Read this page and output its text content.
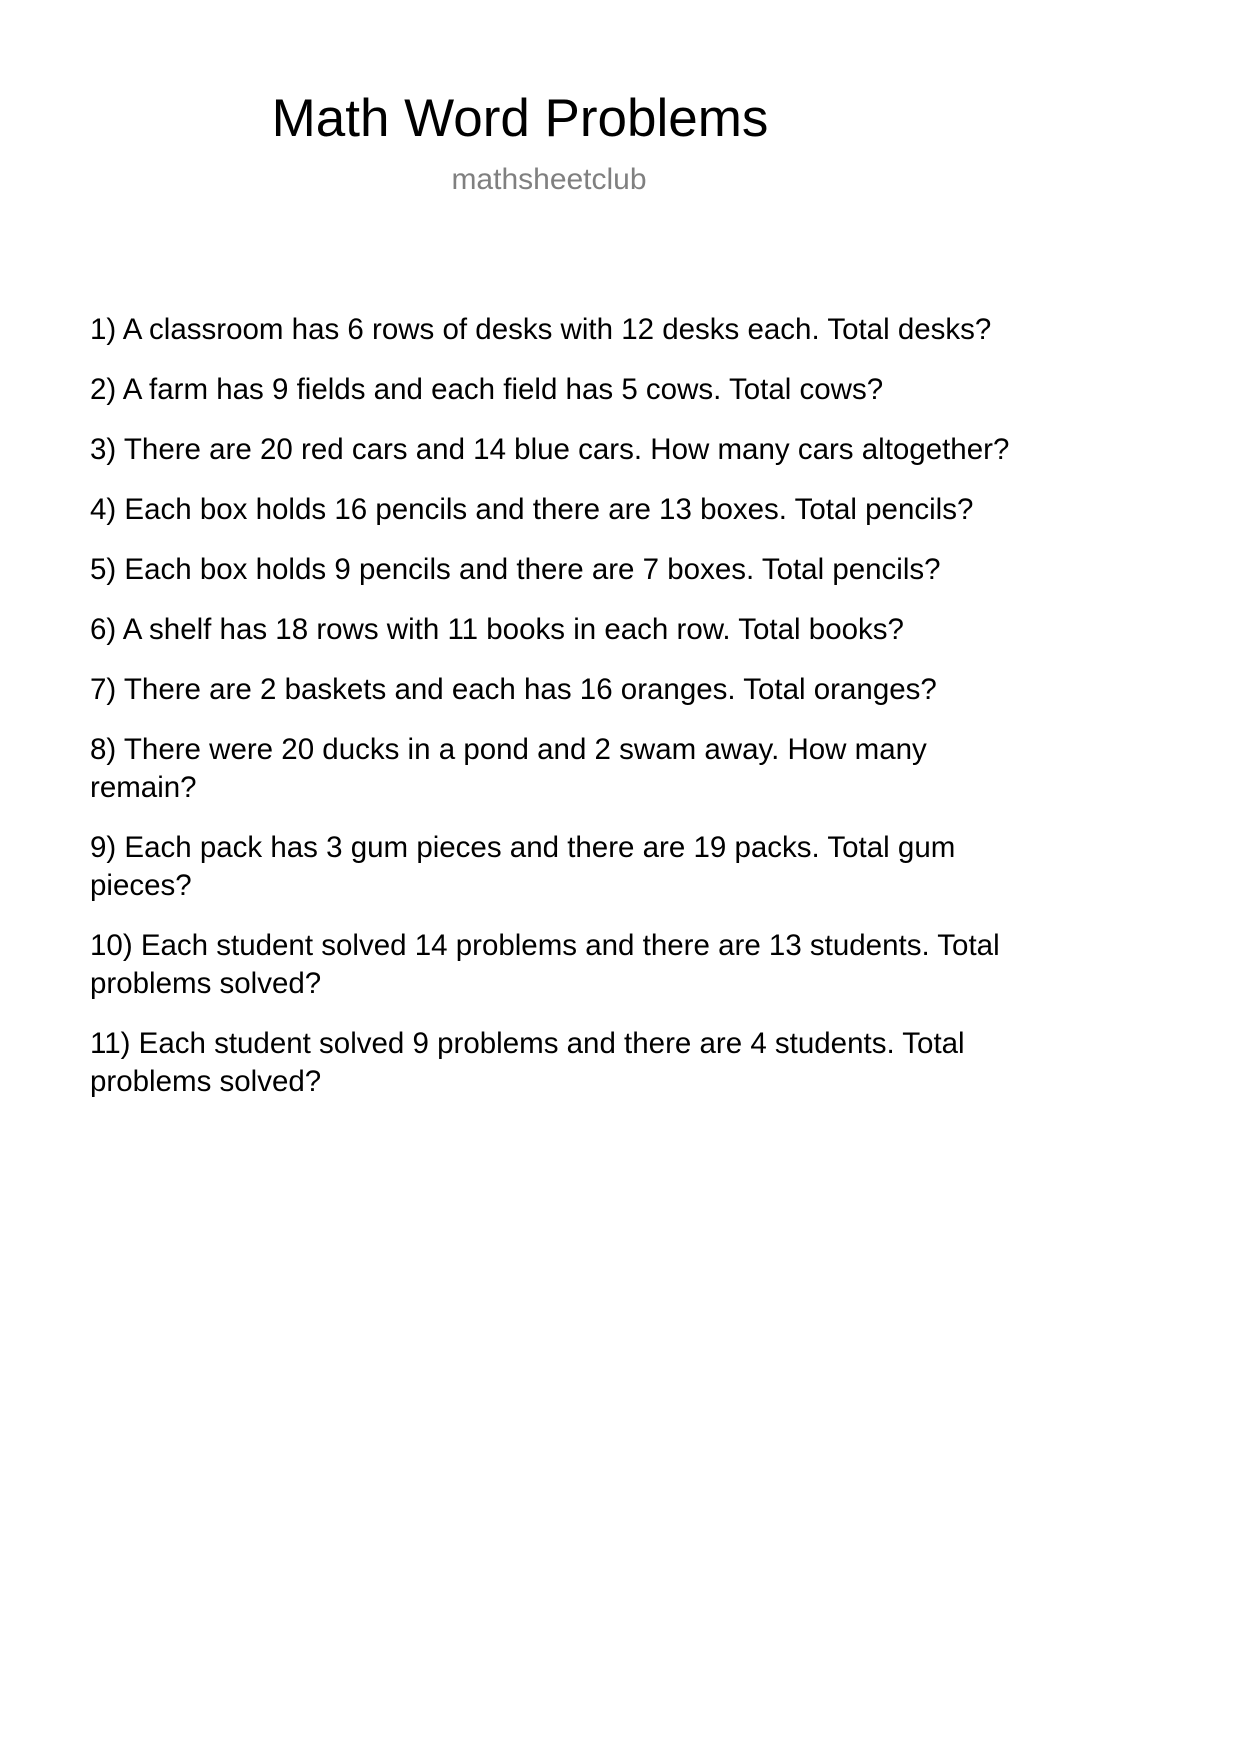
Math Word Problems
mathsheetclub
1) A classroom has 6 rows of desks with 12 desks each. Total desks?
2) A farm has 9 fields and each field has 5 cows. Total cows?
3) There are 20 red cars and 14 blue cars. How many cars altogether?
4) Each box holds 16 pencils and there are 13 boxes. Total pencils?
5) Each box holds 9 pencils and there are 7 boxes. Total pencils?
6) A shelf has 18 rows with 11 books in each row. Total books?
7) There are 2 baskets and each has 16 oranges. Total oranges?
8) There were 20 ducks in a pond and 2 swam away. How many remain?
9) Each pack has 3 gum pieces and there are 19 packs. Total gum pieces?
10) Each student solved 14 problems and there are 13 students. Total problems solved?
11) Each student solved 9 problems and there are 4 students. Total problems solved?
